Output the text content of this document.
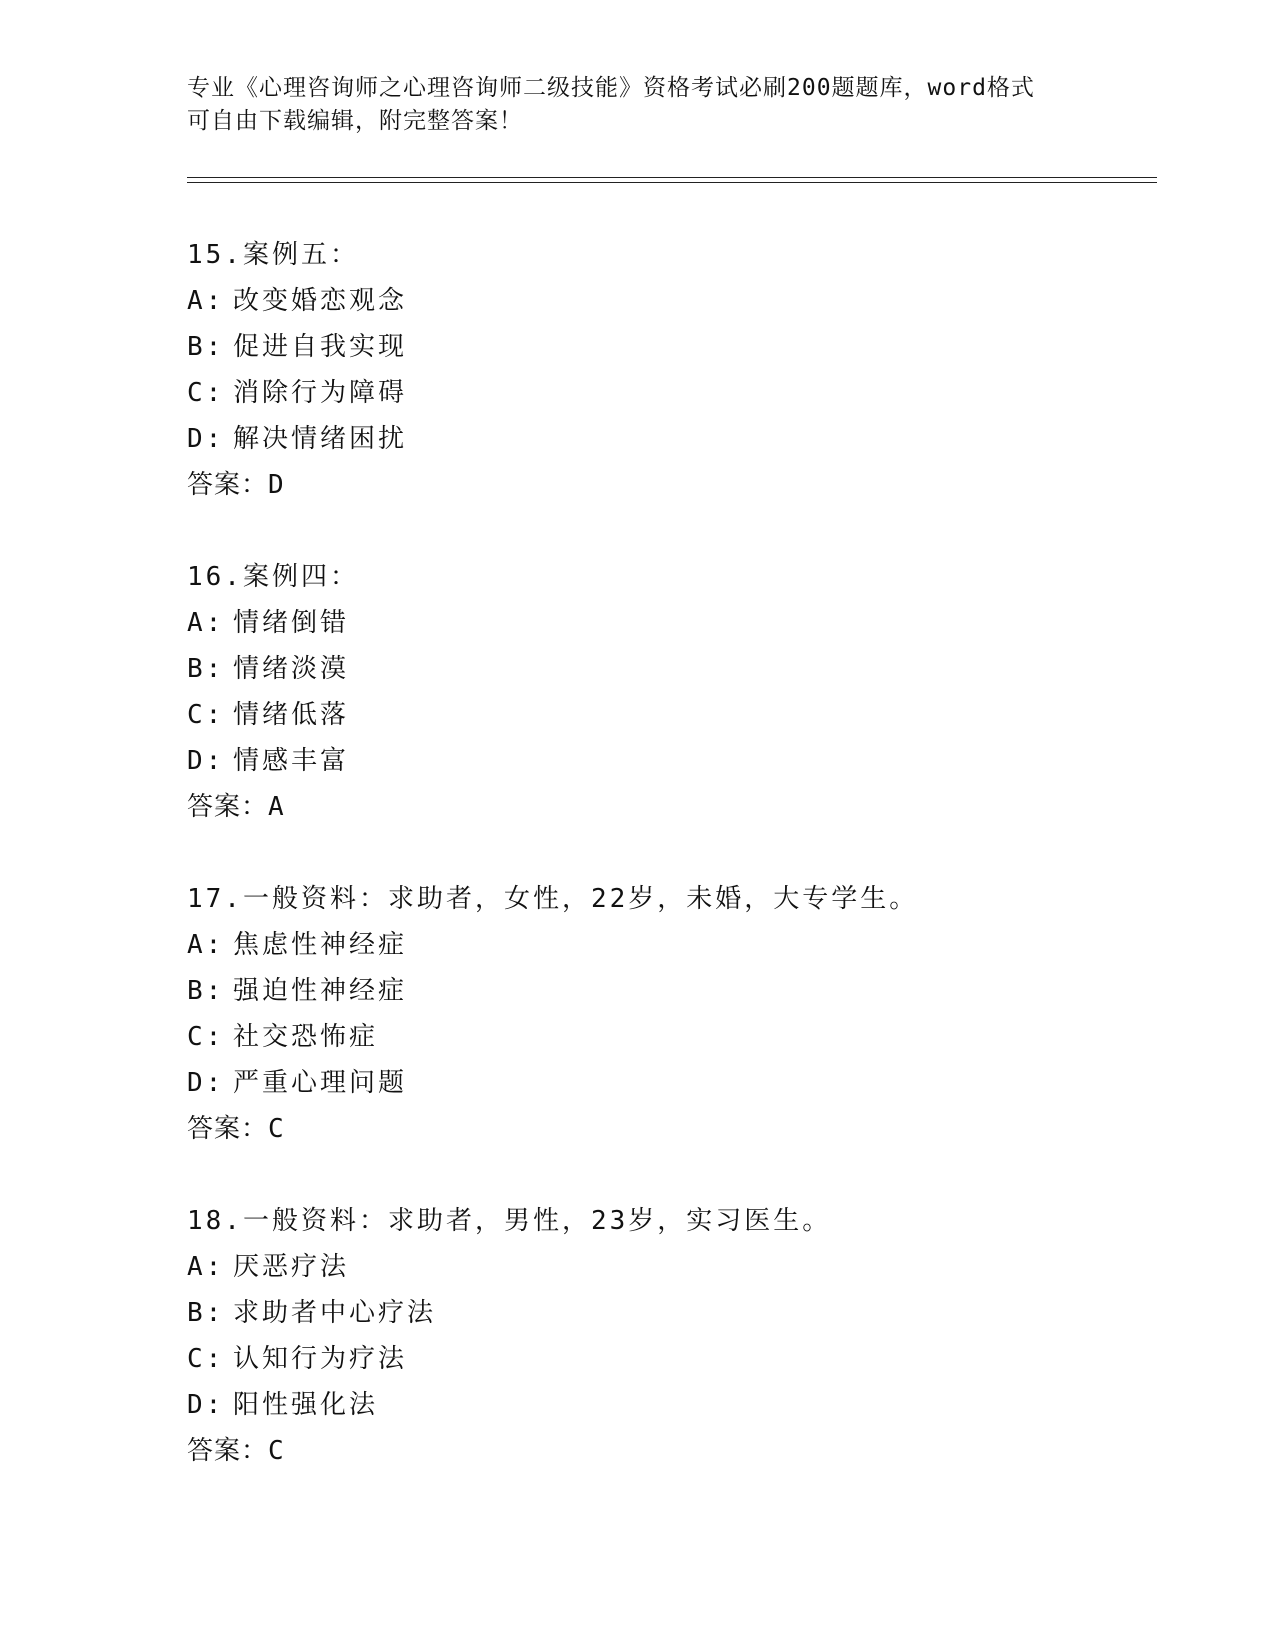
专业《心理咨询师之心理咨询师二级技能》资格考试必刷200题题库，word格式
可自由下载编辑，附完整答案！
15.案例五：
A: 改变婚恋观念
B: 促进自我实现
C: 消除行为障碍
D: 解决情绪困扰
答案：D
16.案例四：
A: 情绪倒错
B: 情绪淡漠
C: 情绪低落
D: 情感丰富
答案：A
17.一般资料：求助者，女性，22岁，未婚，大专学生。
A: 焦虑性神经症
B: 强迫性神经症
C: 社交恐怖症
D: 严重心理问题
答案：C
18.一般资料：求助者，男性，23岁，实习医生。
A: 厌恶疗法
B: 求助者中心疗法
C: 认知行为疗法
D: 阳性强化法
答案：C
